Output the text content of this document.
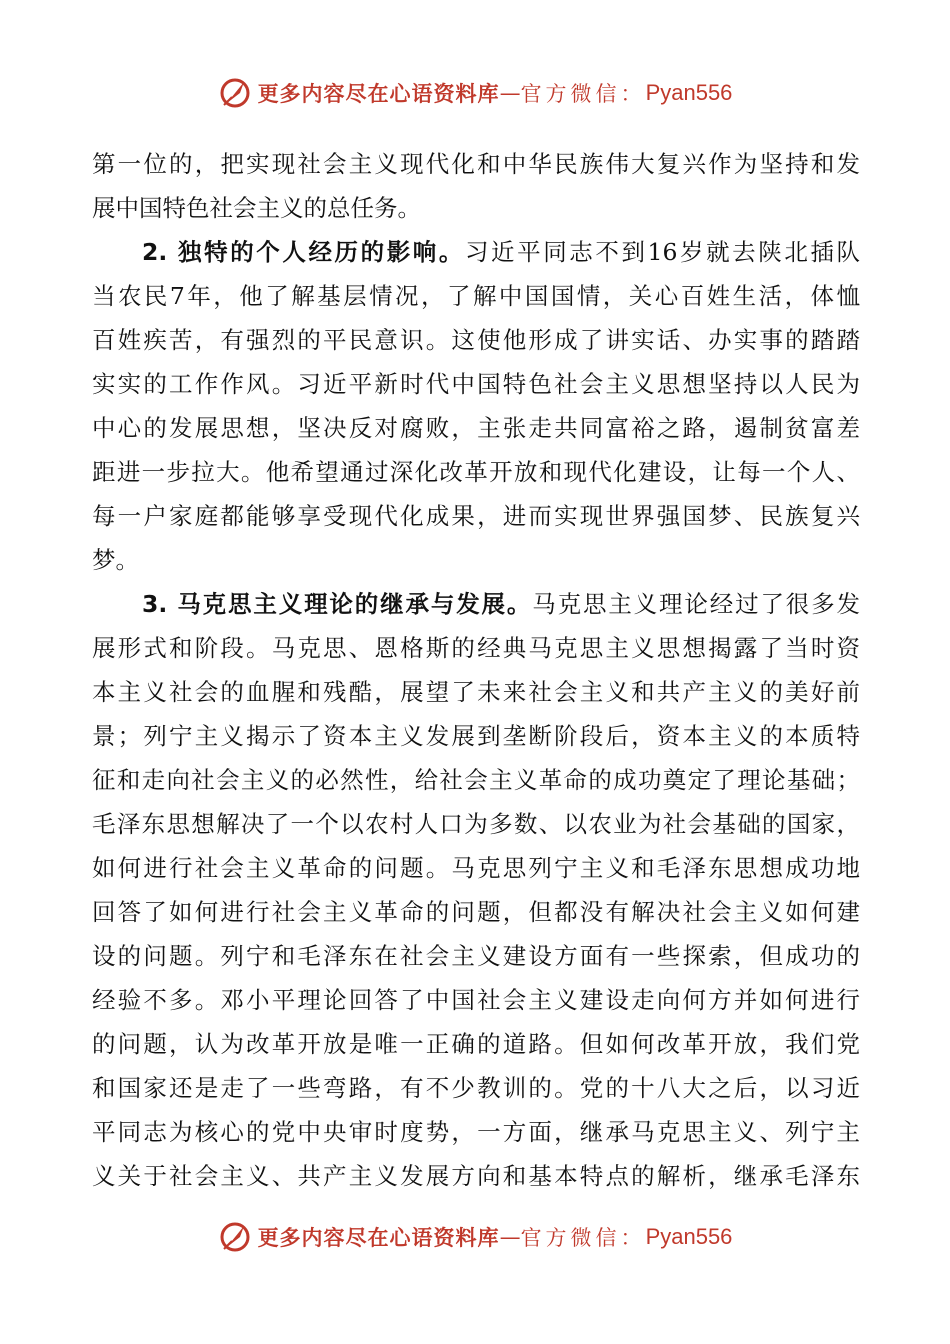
更多内容尽在心语资料库 — 官方微信： Pyan556
第一位的，把实现社会主义现代化和中华民族伟大复兴作为坚持和发
展中国特色社会主义的总任务。
2. 独特的个人经历的影响。习近平同志不到16岁就去陕北插队
当农民7年，他了解基层情况，了解中国国情，关心百姓生活，体恤
百姓疾苦，有强烈的平民意识。这使他形成了讲实话、办实事的踏踏
实实的工作作风。习近平新时代中国特色社会主义思想坚持以人民为
中心的发展思想，坚决反对腐败，主张走共同富裕之路，遏制贫富差
距进一步拉大。他希望通过深化改革开放和现代化建设，让每一个人、
每一户家庭都能够享受现代化成果，进而实现世界强国梦、民族复兴
梦。
3. 马克思主义理论的继承与发展。马克思主义理论经过了很多发
展形式和阶段。马克思、恩格斯的经典马克思主义思想揭露了当时资
本主义社会的血腥和残酷，展望了未来社会主义和共产主义的美好前
景；列宁主义揭示了资本主义发展到垄断阶段后，资本主义的本质特
征和走向社会主义的必然性，给社会主义革命的成功奠定了理论基础；
毛泽东思想解决了一个以农村人口为多数、以农业为社会基础的国家，
如何进行社会主义革命的问题。马克思列宁主义和毛泽东思想成功地
回答了如何进行社会主义革命的问题，但都没有解决社会主义如何建
设的问题。列宁和毛泽东在社会主义建设方面有一些探索，但成功的
经验不多。邓小平理论回答了中国社会主义建设走向何方并如何进行
的问题，认为改革开放是唯一正确的道路。但如何改革开放，我们党
和国家还是走了一些弯路，有不少教训的。党的十八大之后，以习近
平同志为核心的党中央审时度势，一方面，继承马克思主义、列宁主
义关于社会主义、共产主义发展方向和基本特点的解析，继承毛泽东
更多内容尽在心语资料库 — 官方微信： Pyan556
